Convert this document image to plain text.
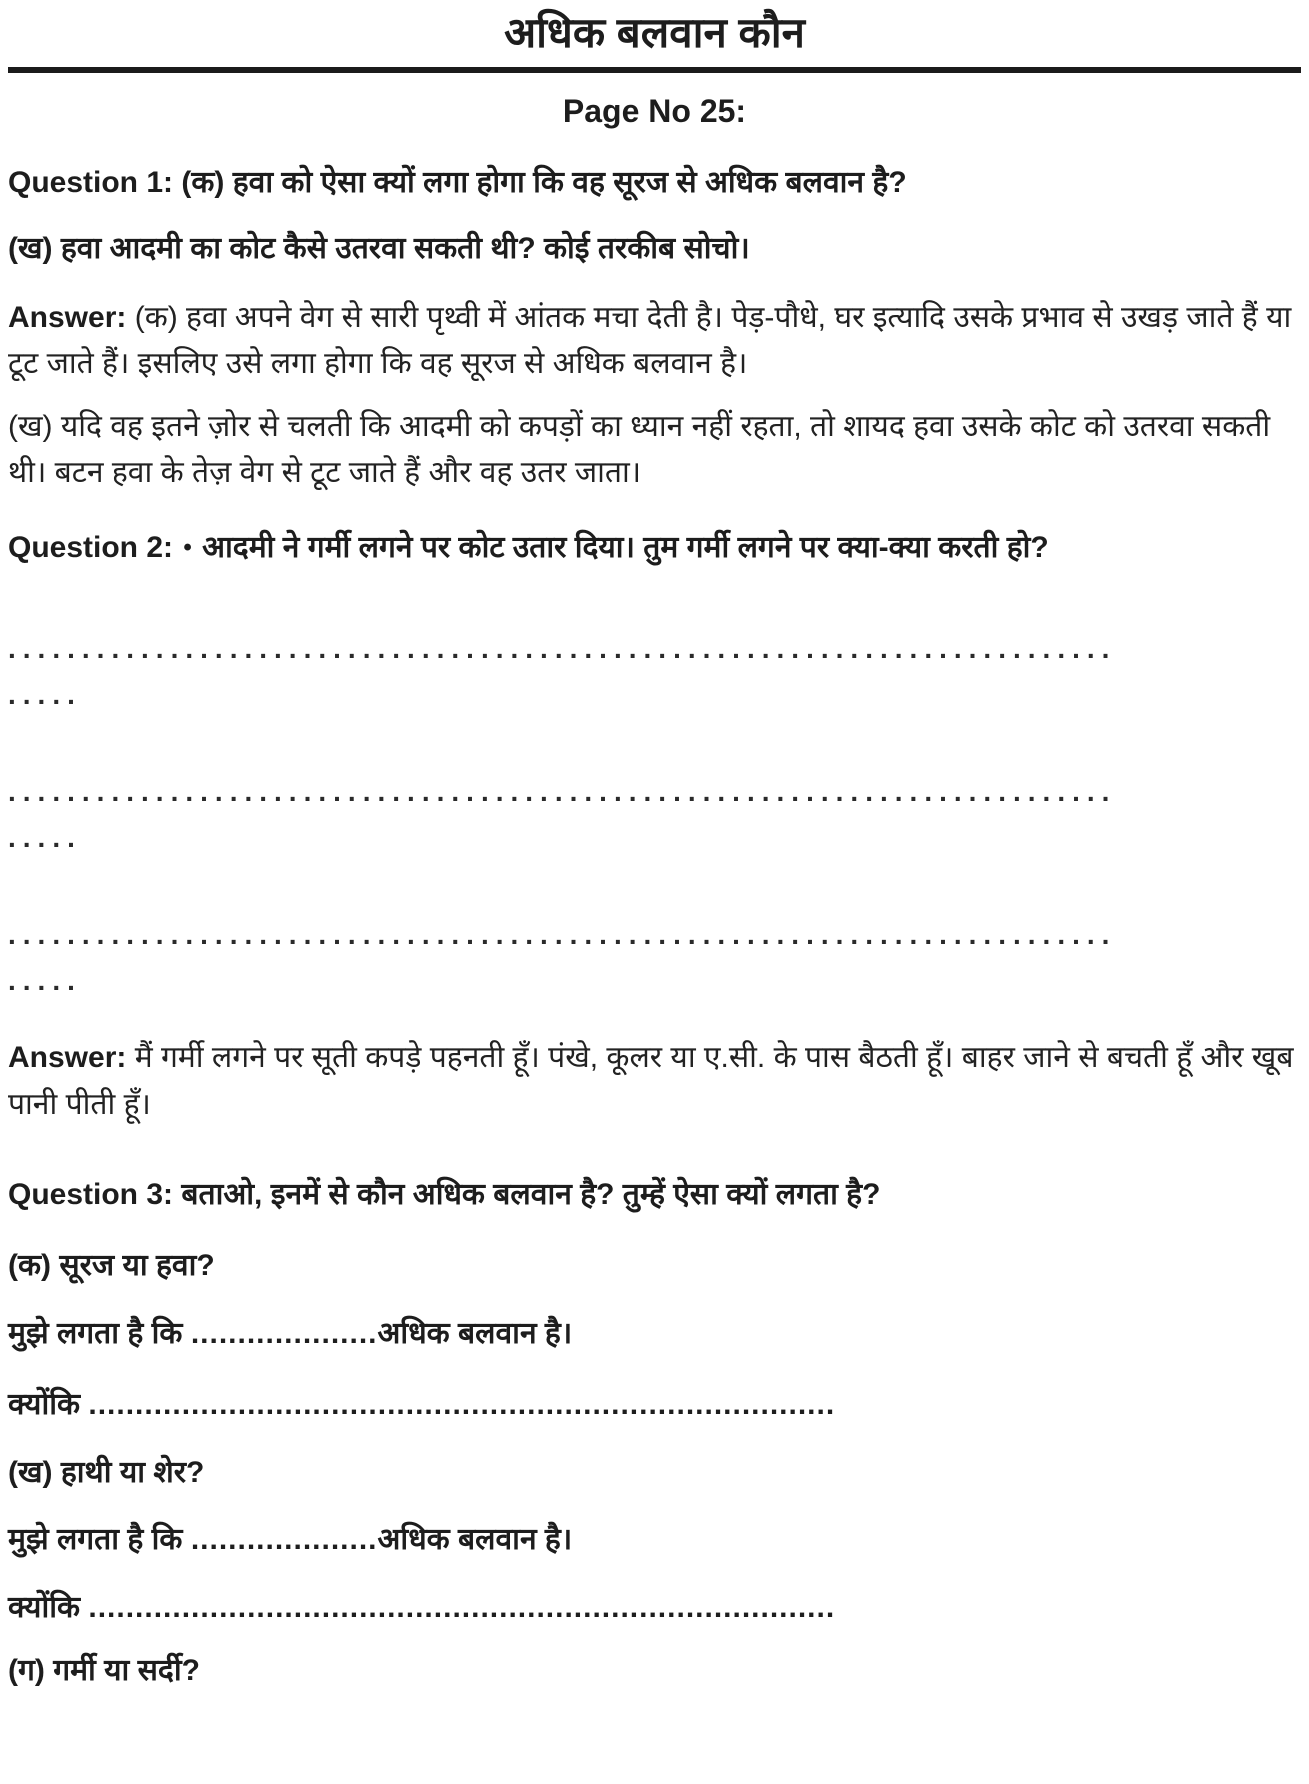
अधिक बलवान कौन
Page No 25:

Question 1: (क) हवा को ऐसा क्यों लगा होगा कि वह सूरज से अधिक बलवान है?

(ख) हवा आदमी का कोट कैसे उतरवा सकती थी? कोई तरकीब सोचो।

Answer: (क) हवा अपने वेग से सारी पृथ्वी में आंतक मचा देती है। पेड़-पौधे, घर इत्यादि उसके प्रभाव से उखड़ जाते हैं या टूट जाते हैं। इसलिए उसे लगा होगा कि वह सूरज से अधिक बलवान है।

(ख) यदि वह इतने ज़ोर से चलती कि आदमी को कपड़ों का ध्यान नहीं रहता, तो शायद हवा उसके कोट को उतरवा सकती थी। बटन हवा के तेज़ वेग से टूट जाते हैं और वह उतर जाता।

Question 2: • आदमी ने गर्मी लगने पर कोट उतार दिया। तुम गर्मी लगने पर क्या-क्या करती हो?

...........................................................................

.....

...........................................................................

.....

...........................................................................

.....

Answer: मैं गर्मी लगने पर सूती कपड़े पहनती हूँ। पंखे, कूलर या ए.सी. के पास बैठती हूँ। बाहर जाने से बचती हूँ और खूब पानी पीती हूँ।

Question 3: बताओ, इनमें से कौन अधिक बलवान है? तुम्हें ऐसा क्यों लगता है?

(क) सूरज या हवा?

मुझे लगता है कि ....................अधिक बलवान है।

क्योंकि ................................................................................

(ख) हाथी या शेर?

मुझे लगता है कि ....................अधिक बलवान है।

क्योंकि ................................................................................

(ग) गर्मी या सर्दी?
